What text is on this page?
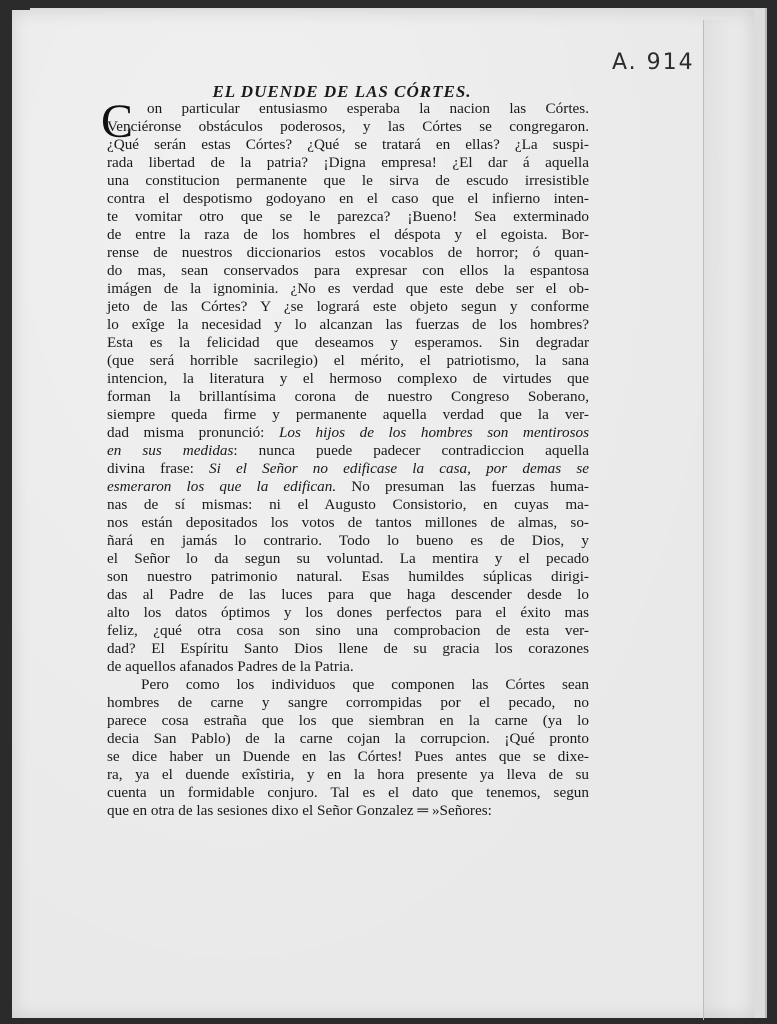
A. 914
EL DUENDE DE LAS CÓRTES.
C on particular entusiasmo esperaba la nacion las Córtes.
Venciéronse obstáculos poderosos, y las Córtes se congregaron.
¿Qué serán estas Córtes? ¿Qué se tratará en ellas? ¿La suspi-
rada libertad de la patria? ¡Digna empresa! ¿El dar á aquella
una constitucion permanente que le sirva de escudo irresistible
contra el despotismo godoyano en el caso que el infierno inten-
te vomitar otro que se le parezca? ¡Bueno! Sea exterminado
de entre la raza de los hombres el déspota y el egoista. Bor-
rense de nuestros diccionarios estos vocablos de horror; ó quan-
do mas, sean conservados para expresar con ellos la espantosa
imágen de la ignominia. ¿No es verdad que este debe ser el ob-
jeto de las Córtes? Y ¿se logrará este objeto segun y conforme
lo exîge la necesidad y lo alcanzan las fuerzas de los hombres?
Esta es la felicidad que deseamos y esperamos. Sin degradar
(que será horrible sacrilegio) el mérito, el patriotismo, la sana
intencion, la literatura y el hermoso complexo de virtudes que
forman la brillantísima corona de nuestro Congreso Soberano,
siempre queda firme y permanente aquella verdad que la ver-
dad misma pronunció: Los hijos de los hombres son mentirosos
en sus medidas: nunca puede padecer contradiccion aquella
divina frase: Si el Señor no edificase la casa, por demas se
esmeraron los que la edifican. No presuman las fuerzas huma-
nas de sí mismas: ni el Augusto Consistorio, en cuyas ma-
nos están depositados los votos de tantos millones de almas, so-
ñará en jamás lo contrario. Todo lo bueno es de Dios, y
el Señor lo da segun su voluntad. La mentira y el pecado
son nuestro patrimonio natural. Esas humildes súplicas dirigi-
das al Padre de las luces para que haga descender desde lo
alto los datos óptimos y los dones perfectos para el éxito mas
feliz, ¿qué otra cosa son sino una comprobacion de esta ver-
dad? El Espíritu Santo Dios llene de su gracia los corazones
de aquellos afanados Padres de la Patria.
Pero como los individuos que componen las Córtes sean
hombres de carne y sangre corrompidas por el pecado, no
parece cosa estraña que los que siembran en la carne (ya lo
decia San Pablo) de la carne cojan la corrupcion. ¡Qué pronto
se dice haber un Duende en las Córtes! Pues antes que se dixe-
ra, ya el duende exîstiria, y en la hora presente ya lleva de su
cuenta un formidable conjuro. Tal es el dato que tenemos, segun
que en otra de las sesiones dixo el Señor Gonzalez ═ »Señores:
